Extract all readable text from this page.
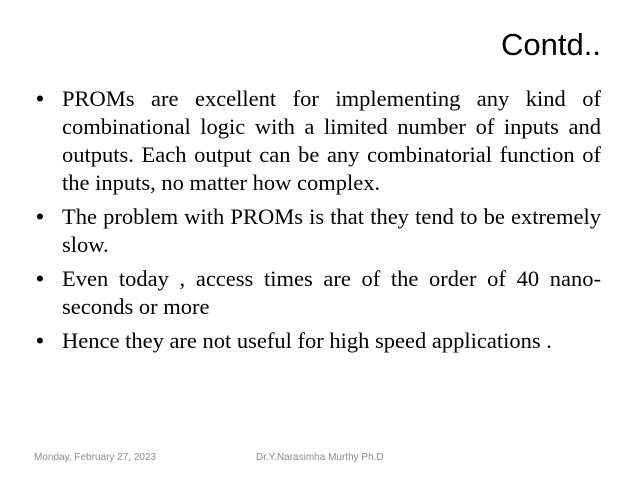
Contd..
• PROMs are excellent for implementing any kind of combinational logic with a limited number of inputs and outputs. Each output can be any combinatorial function of the inputs, no matter how complex.
• The problem with PROMs is that they tend to be extremely slow.
• Even today , access times are of the order of 40 nano-seconds or more
• Hence they are not useful for high speed applications .
Monday, February 27, 2023	Dr.Y.Narasimha Murthy Ph.D
